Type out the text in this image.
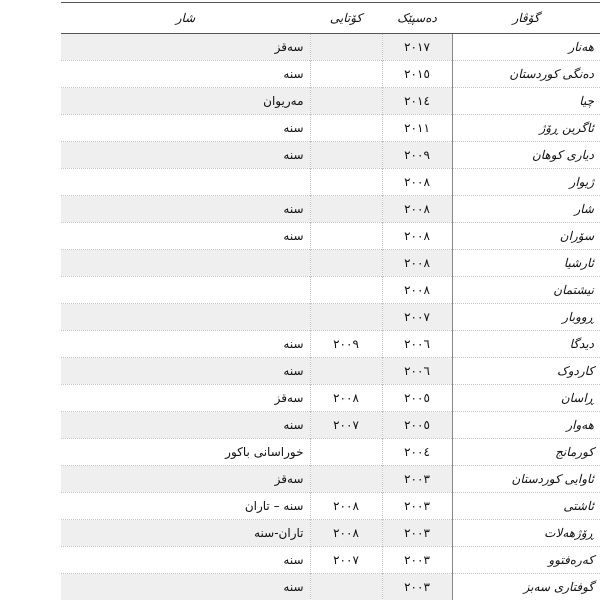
گۆڤار	دەسپێک	کۆتایی	شار
هەنار	٢٠١٧		سەقز
دەنگی کوردستان	٢٠١٥		سنە
چیا	٢٠١٤		مەریوان
ئاگرین ڕۆژ	٢٠١١		سنە
دیاری کوهان	٢٠٠٩		سنە
ژیوار	٢٠٠٨		
شار	٢٠٠٨		سنە
سۆران	٢٠٠٨		سنە
ئارشیا	٢٠٠٨		
نیشتمان	٢٠٠٨		
ڕووبار	٢٠٠٧		
دیدگا	٢٠٠٦	٢٠٠٩	سنە
کاردوک	٢٠٠٦		سنە
ڕاسان	٢٠٠٥	٢٠٠٨	سەقز
هەوار	٢٠٠٥	٢٠٠٧	سنە
کورمانج	٢٠٠٤		خوراسانی باکور
ئاوایی کوردستان	٢٠٠٣		سەقز
ئاشتی	٢٠٠٣	٢٠٠٨	سنە – تاران
ڕۆژهەلات	٢٠٠٣	٢٠٠٨	تاران-سنە
کەرەفتوو	٢٠٠٣	٢٠٠٧	سنە
گوفتاری سەبز	٢٠٠٣		سنە
